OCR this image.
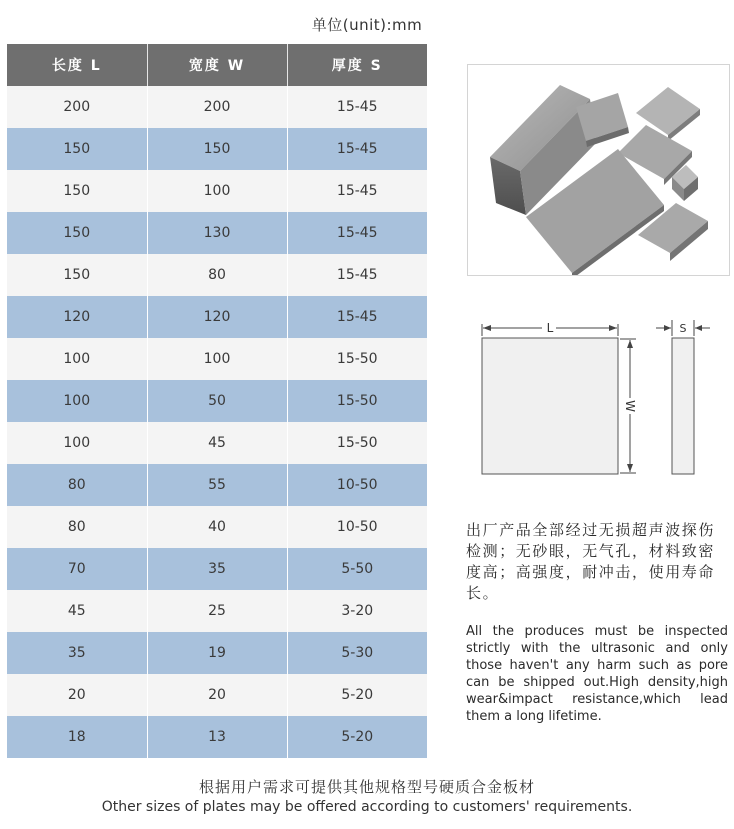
单位(unit):mm
长度 L	宽度 W	厚度 S
200	200	15-45
150	150	15-45
150	100	15-45
150	130	15-45
150	80	15-45
120	120	15-45
100	100	15-50
100	50	15-50
100	45	15-50
80	55	10-50
80	40	10-50
70	35	5-50
45	25	3-20
35	19	5-30
20	20	5-20
18	13	5-20
L	S
W
出厂产品全部经过无损超声波探伤检测；无砂眼，无气孔，材料致密度高；高强度，耐冲击，使用寿命长。
All the produces must be inspected strictly with the ultrasonic and only those haven't any harm such as pore can be shipped out.High density,high wear&impact resistance,which lead them a long lifetime.
根据用户需求可提供其他规格型号硬质合金板材
Other sizes of plates may be offered according to customers' requirements.
